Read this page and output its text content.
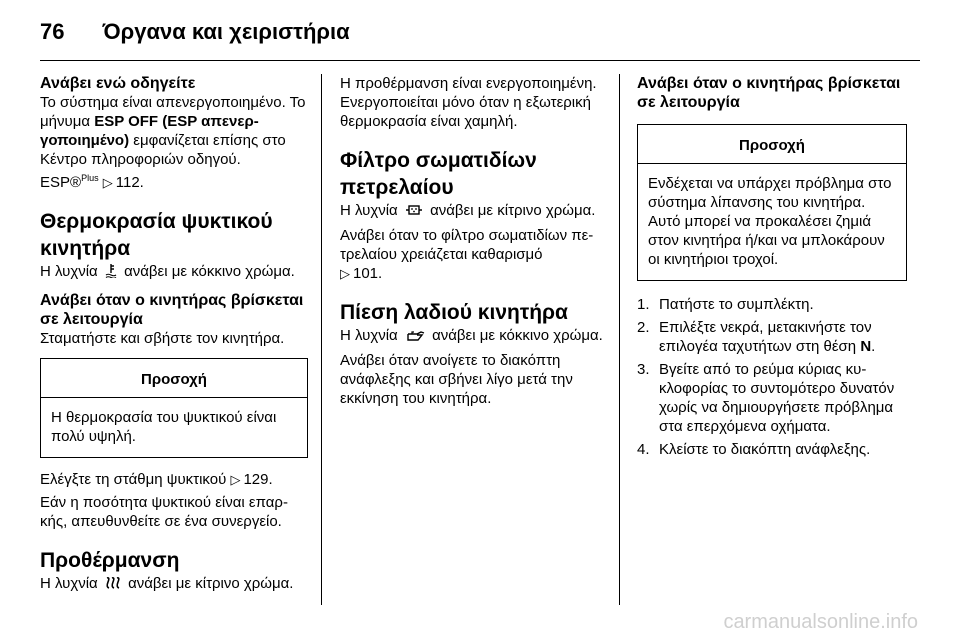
76 Όργανα και χειριστήρια
Ανάβει ενώ οδηγείτε

Το σύστημα είναι απενεργοποιημένο. Το μήνυμα ESP OFF (ESP απενεργοποιημένο) εμφανίζεται επίσης στο Κέντρο πληροφοριών οδηγού.

ESP®$^{Plus}$ ▷ 112.

Θερμοκρασία ψυκτικού κινητήρα

Η λυχνία ανάβει με κόκκινο χρώμα.

Ανάβει όταν ο κινητήρας βρίσκεται σε λειτουργία

Σταματήστε και σβήστε τον κινητήρα.

Προσοχή
Η θερμοκρασία του ψυκτικού είναι πολύ υψηλή.

Ελέγξτε τη στάθμη ψυκτικού ▷ 129.

Εάν η ποσότητα ψυκτικού είναι επαρκής, απευθυνθείτε σε ένα συνεργείο.

Προθέρμανση

Η λυχνία ανάβει με κίτρινο χρώμα.

Η προθέρμανση είναι ενεργοποιημένη. Ενεργοποιείται μόνο όταν η εξωτερική θερμοκρασία είναι χαμηλή.

Φίλτρο σωματιδίων πετρελαίου

Η λυχνία ανάβει με κίτρινο χρώμα.

Ανάβει όταν το φίλτρο σωματιδίων πετρελαίου χρειάζεται καθαρισμό
▷ 101.

Πίεση λαδιού κινητήρα

Η λυχνία ανάβει με κόκκινο χρώμα.

Ανάβει όταν ανοίγετε το διακόπτη ανάφλεξης και σβήνει λίγο μετά την εκκίνηση του κινητήρα.

Ανάβει όταν ο κινητήρας βρίσκεται σε λειτουργία
Προσοχή
Ενδέχεται να υπάρχει πρόβλημα στο σύστημα λίπανσης του κινητήρα. Αυτό μπορεί να προκαλέσει ζημιά στον κινητήρα ή/και να μπλοκάρουν οι κινητήριοι τροχοί.
1. Πατήστε το συμπλέκτη.
2. Επιλέξτε νεκρά, μετακινήστε τον επιλογέα ταχυτήτων στη θέση N.
3. Βγείτε από το ρεύμα κύριας κυκλοφορίας το συντομότερο δυνατόν χωρίς να δημιουργήσετε πρόβλημα στα επερχόμενα οχήματα.
4. Κλείστε το διακόπτη ανάφλεξης.
carmanualsonline.info
